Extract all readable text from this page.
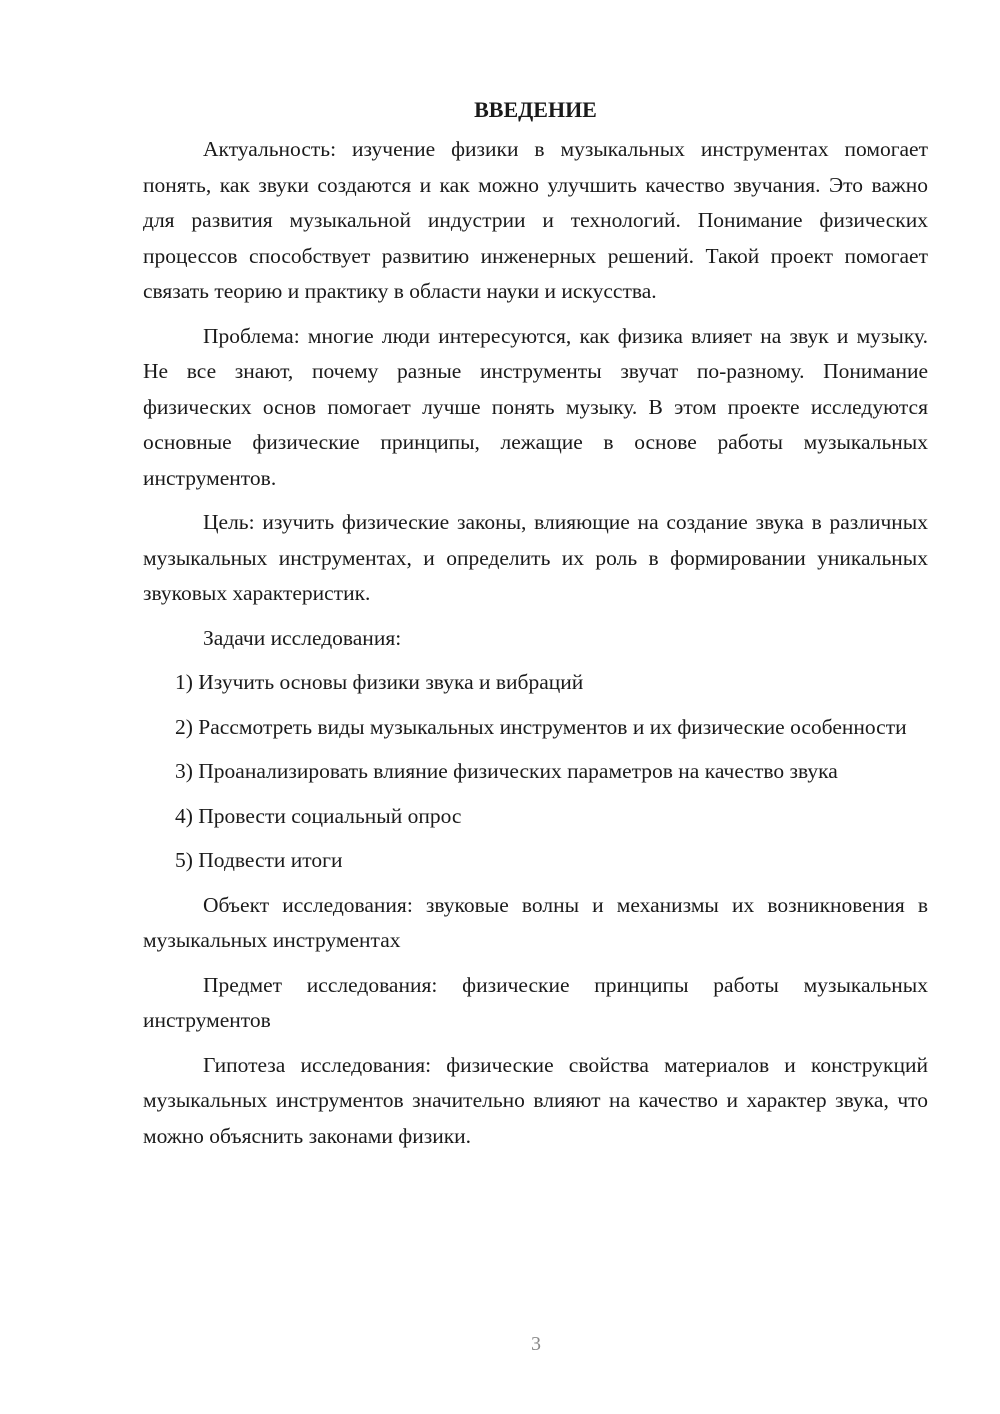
ВВЕДЕНИЕ

Актуальность: изучение физики в музыкальных инструментах помогает понять, как звуки создаются и как можно улучшить качество звучания. Это важно для развития музыкальной индустрии и технологий. Понимание физических процессов способствует развитию инженерных решений. Такой проект помогает связать теорию и практику в области науки и искусства.

Проблема: многие люди интересуются, как физика влияет на звук и музыку. Не все знают, почему разные инструменты звучат по-разному. Понимание физических основ помогает лучше понять музыку. В этом проекте исследуются основные физические принципы, лежащие в основе работы музыкальных инструментов.

Цель: изучить физические законы, влияющие на создание звука в различных музыкальных инструментах, и определить их роль в формировании уникальных звуковых характеристик.

Задачи исследования:

1) Изучить основы физики звука и вибраций

2) Рассмотреть виды музыкальных инструментов и их физические особенности

3) Проанализировать влияние физических параметров на качество звука

4) Провести социальный опрос

5) Подвести итоги

Объект исследования: звуковые волны и механизмы их возникновения в музыкальных инструментах

Предмет исследования: физические принципы работы музыкальных инструментов

Гипотеза исследования: физические свойства материалов и конструкций музыкальных инструментов значительно влияют на качество и характер звука, что можно объяснить законами физики.

3
